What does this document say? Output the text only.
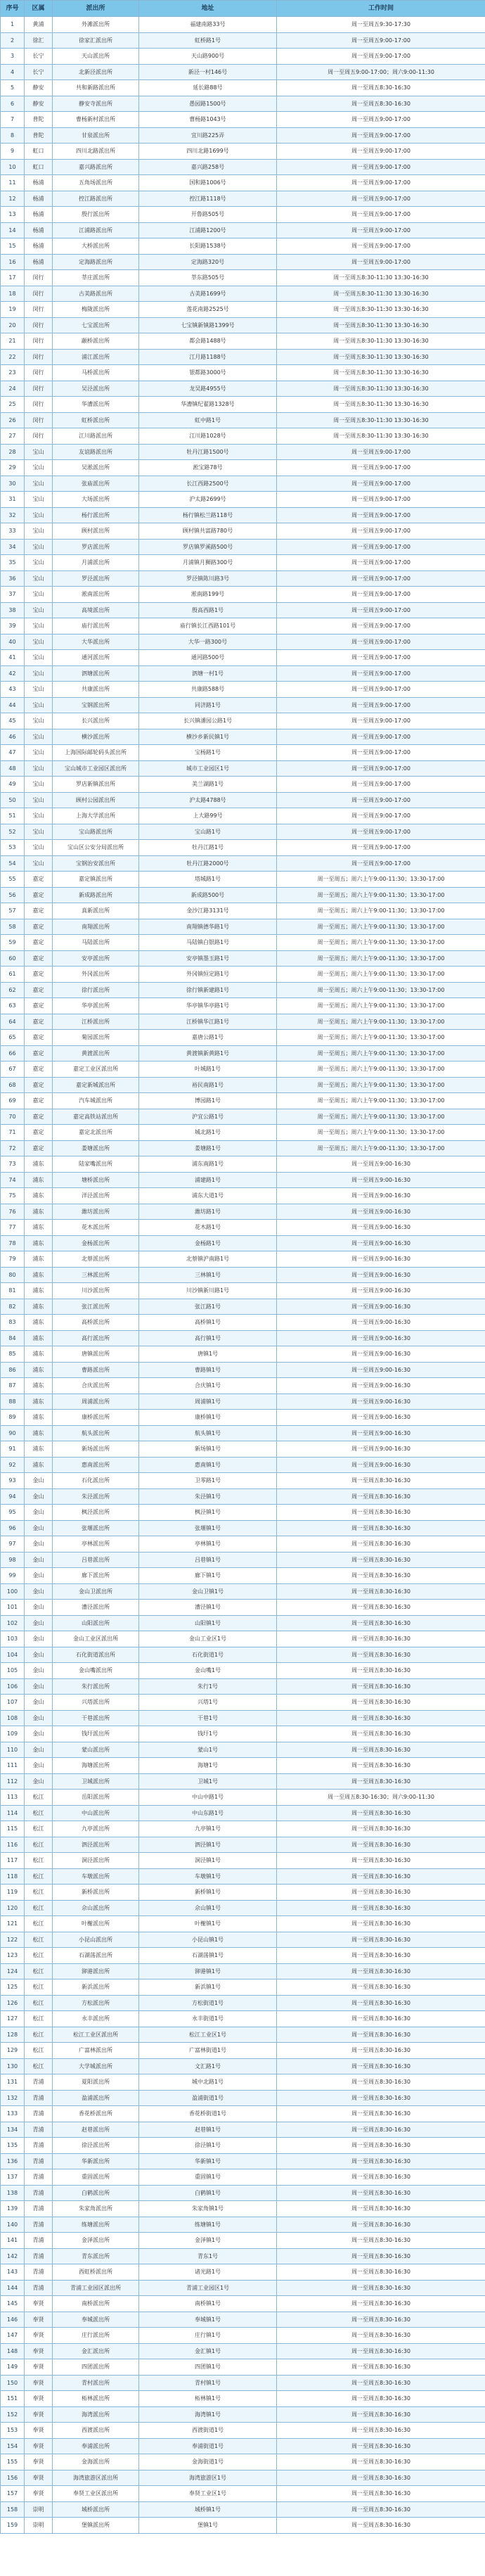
序号	区属	派出所	地址	工作时间
1	黄浦	外滩派出所	福建南路33号	周一至周五9:30-17:30
2	徐汇	徐家汇派出所	虹桥路1号	周一至周五9:00-17:00
3	长宁	天山派出所	天山路900号	周一至周五9:00-17:00
4	长宁	北新泾派出所	新泾一村146号	周一至周五9:00-17:00；周六9:00-11:30
5	静安	共和新路派出所	延长路88号	周一至周五8:30-16:30
6	静安	静安寺派出所	愚园路1500号	周一至周五8:30-16:30
7	普陀	曹杨新村派出所	曹杨路1043号	周一至周五9:00-17:00
8	普陀	甘泉派出所	宜川路225弄	周一至周五9:00-17:00
9	虹口	四川北路派出所	四川北路1699号	周一至周五9:00-17:00
10	虹口	嘉兴路派出所	嘉兴路258号	周一至周五9:00-17:00
11	杨浦	五角场派出所	国和路1006号	周一至周五9:00-17:00
12	杨浦	控江路派出所	控江路1118号	周一至周五9:00-17:00
13	杨浦	殷行派出所	开鲁路505号	周一至周五9:00-17:00
14	杨浦	江浦路派出所	江浦路1200号	周一至周五9:00-17:00
15	杨浦	大桥派出所	长阳路1538号	周一至周五9:00-17:00
16	杨浦	定海路派出所	定海路320号	周一至周五9:00-17:00
17	闵行	莘庄派出所	莘东路505号	周一至周五8:30-11:30 13:30-16:30
18	闵行	古美路派出所	古美路1699号	周一至周五8:30-11:30 13:30-16:30
19	闵行	梅陇派出所	莲花南路2525号	周一至周五8:30-11:30 13:30-16:30
20	闵行	七宝派出所	七宝镇新镇路1399号	周一至周五8:30-11:30 13:30-16:30
21	闵行	颛桥派出所	都会路1488号	周一至周五8:30-11:30 13:30-16:30
22	闵行	浦江派出所	江月路1188号	周一至周五8:30-11:30 13:30-16:30
23	闵行	马桥派出所	银都路3000号	周一至周五8:30-11:30 13:30-16:30
24	闵行	吴泾派出所	龙吴路4955号	周一至周五8:30-11:30 13:30-16:30
25	闵行	华漕派出所	华漕镇纪翟路1328号	周一至周五8:30-11:30 13:30-16:30
26	闵行	虹桥派出所	虹中路1号	周一至周五8:30-11:30 13:30-16:30
27	闵行	江川路派出所	江川路1028号	周一至周五8:30-11:30 13:30-16:30
28	宝山	友谊路派出所	牡丹江路1500号	周一至周五9:00-17:00
29	宝山	吴淞派出所	淞宝路78号	周一至周五9:00-17:00
30	宝山	张庙派出所	长江西路2500号	周一至周五9:00-17:00
31	宝山	大场派出所	沪太路2699号	周一至周五9:00-17:00
32	宝山	杨行派出所	杨行镇松兰路118号	周一至周五9:00-17:00
33	宝山	顾村派出所	顾村镇共富路780号	周一至周五9:00-17:00
34	宝山	罗店派出所	罗店镇罗溪路500号	周一至周五9:00-17:00
35	宝山	月浦派出所	月浦镇月狮路300号	周一至周五9:00-17:00
36	宝山	罗泾派出所	罗泾镇陈川路3号	周一至周五9:00-17:00
37	宝山	淞南派出所	淞南路199号	周一至周五9:00-17:00
38	宝山	高境派出所	殷高西路1号	周一至周五9:00-17:00
39	宝山	庙行派出所	庙行镇长江西路101号	周一至周五9:00-17:00
40	宝山	大华派出所	大华一路300号	周一至周五9:00-17:00
41	宝山	通河派出所	通河路500号	周一至周五9:00-17:00
42	宝山	泗塘派出所	泗塘一村1号	周一至周五9:00-17:00
43	宝山	共康派出所	共康路588号	周一至周五9:00-17:00
44	宝山	宝钢派出所	同济路1号	周一至周五9:00-17:00
45	宝山	长兴派出所	长兴镇潘园公路1号	周一至周五9:00-17:00
46	宝山	横沙派出所	横沙乡新民镇1号	周一至周五9:00-17:00
47	宝山	上海国际邮轮码头派出所	宝杨路1号	周一至周五9:00-17:00
48	宝山	宝山城市工业园区派出所	城市工业园区1号	周一至周五9:00-17:00
49	宝山	罗店新镇派出所	美兰湖路1号	周一至周五9:00-17:00
50	宝山	顾村公园派出所	沪太路4788号	周一至周五9:00-17:00
51	宝山	上海大学派出所	上大路99号	周一至周五9:00-17:00
52	宝山	宝山路派出所	宝山路1号	周一至周五9:00-17:00
53	宝山	宝山区公安分局派出所	牡丹江路1号	周一至周五9:00-17:00
54	宝山	宝钢治安派出所	牡丹江路2000号	周一至周五9:00-17:00
55	嘉定	嘉定镇派出所	塔城路1号	周一至周五；周六上午9:00-11:30；13:30-17:00
56	嘉定	新成路派出所	新成路500号	周一至周五；周六上午9:00-11:30；13:30-17:00
57	嘉定	真新派出所	金沙江路3131号	周一至周五；周六上午9:00-11:30；13:30-17:00
58	嘉定	南翔派出所	南翔镇德华路1号	周一至周五；周六上午9:00-11:30；13:30-17:00
59	嘉定	马陆派出所	马陆镇白银路1号	周一至周五；周六上午9:00-11:30；13:30-17:00
60	嘉定	安亭派出所	安亭镇墨玉路1号	周一至周五；周六上午9:00-11:30；13:30-17:00
61	嘉定	外冈派出所	外冈镇恒定路1号	周一至周五；周六上午9:00-11:30；13:30-17:00
62	嘉定	徐行派出所	徐行镇新建路1号	周一至周五；周六上午9:00-11:30；13:30-17:00
63	嘉定	华亭派出所	华亭镇华亭路1号	周一至周五；周六上午9:00-11:30；13:30-17:00
64	嘉定	江桥派出所	江桥镇华江路1号	周一至周五；周六上午9:00-11:30；13:30-17:00
65	嘉定	菊园派出所	嘉唐公路1号	周一至周五；周六上午9:00-11:30；13:30-17:00
66	嘉定	黄渡派出所	黄渡镇新黄路1号	周一至周五；周六上午9:00-11:30；13:30-17:00
67	嘉定	嘉定工业区派出所	叶城路1号	周一至周五；周六上午9:00-11:30；13:30-17:00
68	嘉定	嘉定新城派出所	裕民南路1号	周一至周五；周六上午9:00-11:30；13:30-17:00
69	嘉定	汽车城派出所	博园路1号	周一至周五；周六上午9:00-11:30；13:30-17:00
70	嘉定	嘉定高铁站派出所	沪宜公路1号	周一至周五；周六上午9:00-11:30；13:30-17:00
71	嘉定	嘉定北派出所	城北路1号	周一至周五；周六上午9:00-11:30；13:30-17:00
72	嘉定	娄塘派出所	娄塘路1号	周一至周五；周六上午9:00-11:30；13:30-17:00
73	浦东	陆家嘴派出所	浦东南路1号	周一至周五9:00-16:30
74	浦东	塘桥派出所	浦建路1号	周一至周五9:00-16:30
75	浦东	洋泾派出所	浦东大道1号	周一至周五9:00-16:30
76	浦东	潍坊派出所	潍坊路1号	周一至周五9:00-16:30
77	浦东	花木派出所	花木路1号	周一至周五9:00-16:30
78	浦东	金杨派出所	金杨路1号	周一至周五9:00-16:30
79	浦东	北蔡派出所	北蔡镇沪南路1号	周一至周五9:00-16:30
80	浦东	三林派出所	三林镇1号	周一至周五9:00-16:30
81	浦东	川沙派出所	川沙镇新川路1号	周一至周五9:00-16:30
82	浦东	张江派出所	张江路1号	周一至周五9:00-16:30
83	浦东	高桥派出所	高桥镇1号	周一至周五9:00-16:30
84	浦东	高行派出所	高行镇1号	周一至周五9:00-16:30
85	浦东	唐镇派出所	唐镇1号	周一至周五9:00-16:30
86	浦东	曹路派出所	曹路镇1号	周一至周五9:00-16:30
87	浦东	合庆派出所	合庆镇1号	周一至周五9:00-16:30
88	浦东	周浦派出所	周浦镇1号	周一至周五9:00-16:30
89	浦东	康桥派出所	康桥镇1号	周一至周五9:00-16:30
90	浦东	航头派出所	航头镇1号	周一至周五9:00-16:30
91	浦东	新场派出所	新场镇1号	周一至周五9:00-16:30
92	浦东	惠南派出所	惠南镇1号	周一至周五9:00-16:30
93	金山	石化派出所	卫零路1号	周一至周五8:30-16:30
94	金山	朱泾派出所	朱泾镇1号	周一至周五8:30-16:30
95	金山	枫泾派出所	枫泾镇1号	周一至周五8:30-16:30
96	金山	张堰派出所	张堰镇1号	周一至周五8:30-16:30
97	金山	亭林派出所	亭林镇1号	周一至周五8:30-16:30
98	金山	吕巷派出所	吕巷镇1号	周一至周五8:30-16:30
99	金山	廊下派出所	廊下镇1号	周一至周五8:30-16:30
100	金山	金山卫派出所	金山卫镇1号	周一至周五8:30-16:30
101	金山	漕泾派出所	漕泾镇1号	周一至周五8:30-16:30
102	金山	山阳派出所	山阳镇1号	周一至周五8:30-16:30
103	金山	金山工业区派出所	金山工业区1号	周一至周五8:30-16:30
104	金山	石化街道派出所	石化街道1号	周一至周五8:30-16:30
105	金山	金山嘴派出所	金山嘴1号	周一至周五8:30-16:30
106	金山	朱行派出所	朱行1号	周一至周五8:30-16:30
107	金山	兴塔派出所	兴塔1号	周一至周五8:30-16:30
108	金山	干巷派出所	干巷1号	周一至周五8:30-16:30
109	金山	钱圩派出所	钱圩1号	周一至周五8:30-16:30
110	金山	蒙山派出所	蒙山1号	周一至周五8:30-16:30
111	金山	海塘派出所	海塘1号	周一至周五8:30-16:30
112	金山	卫城派出所	卫城1号	周一至周五8:30-16:30
113	松江	岳阳派出所	中山中路1号	周一至周五8:30-16:30；周六9:00-11:30
114	松江	中山派出所	中山东路1号	周一至周五8:30-16:30
115	松江	九亭派出所	九亭镇1号	周一至周五8:30-16:30
116	松江	泗泾派出所	泗泾镇1号	周一至周五8:30-16:30
117	松江	洞泾派出所	洞泾镇1号	周一至周五8:30-16:30
118	松江	车墩派出所	车墩镇1号	周一至周五8:30-16:30
119	松江	新桥派出所	新桥镇1号	周一至周五8:30-16:30
120	松江	佘山派出所	佘山镇1号	周一至周五8:30-16:30
121	松江	叶榭派出所	叶榭镇1号	周一至周五8:30-16:30
122	松江	小昆山派出所	小昆山镇1号	周一至周五8:30-16:30
123	松江	石湖荡派出所	石湖荡镇1号	周一至周五8:30-16:30
124	松江	泖港派出所	泖港镇1号	周一至周五8:30-16:30
125	松江	新浜派出所	新浜镇1号	周一至周五8:30-16:30
126	松江	方松派出所	方松街道1号	周一至周五8:30-16:30
127	松江	永丰派出所	永丰街道1号	周一至周五8:30-16:30
128	松江	松江工业区派出所	松江工业区1号	周一至周五8:30-16:30
129	松江	广富林派出所	广富林街道1号	周一至周五8:30-16:30
130	松江	大学城派出所	文汇路1号	周一至周五8:30-16:30
131	青浦	夏阳派出所	城中北路1号	周一至周五8:30-16:30
132	青浦	盈浦派出所	盈浦街道1号	周一至周五8:30-16:30
133	青浦	香花桥派出所	香花桥街道1号	周一至周五8:30-16:30
134	青浦	赵巷派出所	赵巷镇1号	周一至周五8:30-16:30
135	青浦	徐泾派出所	徐泾镇1号	周一至周五8:30-16:30
136	青浦	华新派出所	华新镇1号	周一至周五8:30-16:30
137	青浦	重固派出所	重固镇1号	周一至周五8:30-16:30
138	青浦	白鹤派出所	白鹤镇1号	周一至周五8:30-16:30
139	青浦	朱家角派出所	朱家角镇1号	周一至周五8:30-16:30
140	青浦	练塘派出所	练塘镇1号	周一至周五8:30-16:30
141	青浦	金泽派出所	金泽镇1号	周一至周五8:30-16:30
142	青浦	青东派出所	青东1号	周一至周五8:30-16:30
143	青浦	西虹桥派出所	诸光路1号	周一至周五8:30-16:30
144	青浦	青浦工业园区派出所	青浦工业园区1号	周一至周五8:30-16:30
145	奉贤	南桥派出所	南桥镇1号	周一至周五8:30-16:30
146	奉贤	奉城派出所	奉城镇1号	周一至周五8:30-16:30
147	奉贤	庄行派出所	庄行镇1号	周一至周五8:30-16:30
148	奉贤	金汇派出所	金汇镇1号	周一至周五8:30-16:30
149	奉贤	四团派出所	四团镇1号	周一至周五8:30-16:30
150	奉贤	青村派出所	青村镇1号	周一至周五8:30-16:30
151	奉贤	柘林派出所	柘林镇1号	周一至周五8:30-16:30
152	奉贤	海湾派出所	海湾镇1号	周一至周五8:30-16:30
153	奉贤	西渡派出所	西渡街道1号	周一至周五8:30-16:30
154	奉贤	奉浦派出所	奉浦街道1号	周一至周五8:30-16:30
155	奉贤	金海派出所	金海街道1号	周一至周五8:30-16:30
156	奉贤	海湾旅游区派出所	海湾旅游区1号	周一至周五8:30-16:30
157	奉贤	奉贤工业区派出所	奉贤工业区1号	周一至周五8:30-16:30
158	崇明	城桥派出所	城桥镇1号	周一至周五8:30-16:30
159	崇明	堡镇派出所	堡镇1号	周一至周五8:30-16:30
